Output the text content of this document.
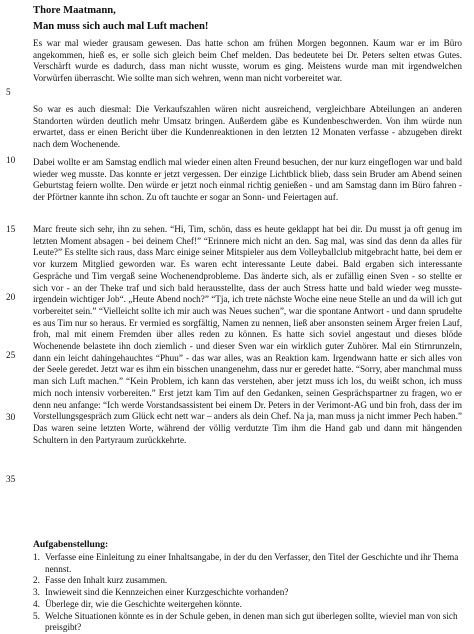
Thore Maatmann,
Man muss sich auch mal Luft machen!
Es war mal wieder grausam gewesen. Das hatte schon am frühen Morgen begonnen. Kaum war er im Büro angekommen, hieß es, er solle sich gleich beim Chef melden. Das bedeutete bei Dr. Peters selten etwas Gutes. Verschärft wurde es dadurch, dass man nicht wusste, worum es ging. Meistens wurde man mit irgendwelchen Vorwürfen überrascht. Wie sollte man sich wehren, wenn man nicht vorbereitet war.
So war es auch diesmal: Die Verkaufszahlen wären nicht ausreichend, vergleichbare Abteilungen an anderen Standorten würden deutlich mehr Umsatz bringen. Außerdem gäbe es Kundenbeschwerden. Von ihm würde nun erwartet, dass er einen Bericht über die Kundenreaktionen in den letzten 12 Monaten verfasse - abzugeben direkt nach dem Wochenende.
Dabei wollte er am Samstag endlich mal wieder einen alten Freund besuchen, der nur kurz eingeflogen war und bald wieder weg musste. Das konnte er jetzt vergessen. Der einzige Lichtblick blieb, dass sein Bruder am Abend seinen Geburtstag feiern wollte. Den würde er jetzt noch einmal richtig genießen - und am Samstag dann im Büro fahren - der Pförtner kannte ihn schon. Zu oft tauchte er sogar an Sonn- und Feiertagen auf.
Marc freute sich sehr, ihn zu sehen. “Hi, Tim, schön, dass es heute geklappt hat bei dir. Du musst ja oft genug im letzten Moment absagen - bei deinem Chef!” “Erinnere mich nicht an den. Sag mal, was sind das denn da alles für Leute?” Es stellte sich raus, dass Marc einige seiner Mitspieler aus dem Volleyballclub mitgebracht hatte, bei dem er vor kurzem Mitglied geworden war. Es waren echt interessante Leute dabei. Bald ergaben sich interessante Gespräche und Tim vergaß seine Wochenendprobleme. Das änderte sich, als er zufällig einen Sven - so stellte er sich vor - an der Theke traf und sich bald herausstellte, dass der auch Stress hatte und bald wieder weg musste- irgendein wichtiger Job“. „Heute Abend noch?” “Tja, ich trete nächste Woche eine neue Stelle an und da will ich gut vorbereitet sein.” “Vielleicht sollte ich mir auch was Neues suchen”, war die spontane Antwort - und dann sprudelte es aus Tim nur so heraus. Er vermied es sorgfältig, Namen zu nennen, ließ aber ansonsten seinem Ärger freien Lauf, froh, mal mit einem Fremden über alles reden zu können. Es hatte sich soviel angestaut und dieses blöde Wochenende belastete ihn doch ziemlich - und dieser Sven war ein wirklich guter Zuhörer. Mal ein Stirnrunzeln, dann ein leicht dahingehauchtes “Phuu” - das war alles, was an Reaktion kam. Irgendwann hatte er sich alles von der Seele geredet. Jetzt war es ihm ein bisschen unangenehm, dass nur er geredet hatte. “Sorry, aber manchmal muss man sich Luft machen.” “Kein Problem, ich kann das verstehen, aber jetzt muss ich los, du weißt schon, ich muss mich noch intensiv vorbereiten.” Erst jetzt kam Tim auf den Gedanken, seinen Gesprächspartner zu fragen, wo er denn neu anfange: “Ich werde Vorstandsassistent bei einem Dr. Peters in der Verimont-AG und bin froh, dass der im Vorstellungsgespräch zum Glück echt nett war – anders als dein Chef. Na ja, man muss ja nicht immer Pech haben.” Das waren seine letzten Worte, während der völlig verdutzte Tim ihm die Hand gab und dann mit hängenden Schultern in den Partyraum zurückkehrte.
5
10
15
20
25
30
35
Aufgabenstellung:
1. Verfasse eine Einleitung zu einer Inhaltsangabe, in der du den Verfasser, den Titel der Geschichte und ihr Thema nennst.
2. Fasse den Inhalt kurz zusammen.
3. Inwieweit sind die Kennzeichen einer Kurzgeschichte vorhanden?
4. Überlege dir, wie die Geschichte weitergehen könnte.
5. Welche Situationen könnte es in der Schule geben, in denen man sich gut überlegen sollte, wieviel man von sich preisgibt?
